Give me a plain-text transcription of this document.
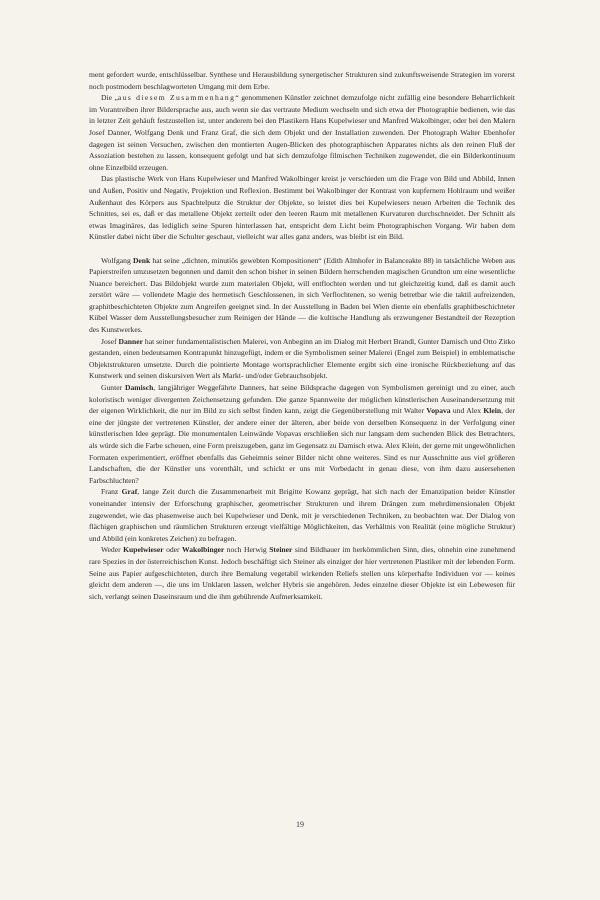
ment gefordert wurde, entschlüsselbar. Synthese und Herausbildung synergetischer Strukturen sind zukunftsweisende Strategien im vorerst noch postmodern beschlagworteten Umgang mit dem Erbe.

Die „aus diesem Zusammenhang“ genommenen Künstler zeichnet demzufolge nicht zufällig eine besondere Beharrlichkeit im Vorantreiben ihrer Bildersprache aus, auch wenn sie das vertraute Medium wechseln und sich etwa der Photographie bedienen, wie das in letzter Zeit gehäuft festzustellen ist, unter anderem bei den Plastikern Hans Kupelwieser und Manfred Wakolbinger, oder bei den Malern Josef Danner, Wolfgang Denk und Franz Graf, die sich dem Objekt und der Installation zuwenden. Der Photograph Walter Ebenhofer dagegen ist seinen Versuchen, zwischen den montierten Augen-Blicken des photographischen Apparates nichts als den reinen Fluß der Assoziation bestehen zu lassen, konsequent gefolgt und hat sich demzufolge filmischen Techniken zugewendet, die ein Bilderkontinuum ohne Einzelbild erzeugen.

Das plastische Werk von Hans Kupelwieser und Manfred Wakolbinger kreist je verschieden um die Frage von Bild und Abbild, Innen und Außen, Positiv und Negativ, Projektion und Reflexion. Bestimmt bei Wakolbinger der Kontrast von kupfernem Hohlraum und weißer Außenhaut des Körpers aus Spachtelputz die Struktur der Objekte, so leistet dies bei Kupelwiesers neuen Arbeiten die Technik des Schnittes, sei es, daß er das metallene Objekt zerteilt oder den leeren Raum mit metallenen Kurvaturen durchschneidet. Der Schnitt als etwas Imaginäres, das lediglich seine Spuren hinterlassen hat, entspricht dem Licht beim Photographischen Vorgang. Wir haben dem Künstler dabei nicht über die Schulter geschaut, vielleicht war alles ganz anders, was bleibt ist ein Bild.

Wolfgang Denk hat seine „dichten, minutiös gewebten Kompositionen“ (Edith Almhofer in Balanceakte 88) in tatsächliche Weben aus Papierstreifen umzusetzen begonnen und damit den schon bisher in seinen Bildern herrschenden magischen Grundton um eine wesentliche Nuance bereichert. Das Bildobjekt wurde zum materialen Objekt, will entflochten werden und tut gleichzeitig kund, daß es damit auch zerstört wäre — vollendete Magie des hermetisch Geschlossenen, in sich Verflochtenen, so wenig betretbar wie die taktil aufreizenden, graphitbeschichteten Objekte zum Angreifen geeignet sind. In der Ausstellung in Baden bei Wien diente ein ebenfalls graphitbeschichteter Kübel Wasser dem Ausstellungsbesucher zum Reinigen der Hände — die kultische Handlung als erzwungener Bestandteil der Rezeption des Kunstwerkes.

Josef Danner hat seiner fundamentalistischen Malerei, von Anbeginn an im Dialog mit Herbert Brandl, Gunter Damisch und Otto Zitko gestanden, einen bedeutsamen Kontrapunkt hinzugefügt, indem er die Symbolismen seiner Malerei (Engel zum Beispiel) in emblematische Objektstrukturen umsetzte. Durch die pointierte Montage wortsprachlicher Elemente ergibt sich eine ironische Rückbeziehung auf das Kunstwerk und seinen diskursiven Wert als Markt- und/oder Gebrauchsobjekt.

Gunter Damisch, langjähriger Weggefährte Danners, hat seine Bildsprache dagegen von Symbolismen gereinigt und zu einer, auch koloristisch weniger divergenten Zeichensetzung gefunden. Die ganze Spannweite der möglichen künstlerischen Auseinandersetzung mit der eigenen Wirklichkeit, die nur im Bild zu sich selbst finden kann, zeigt die Gegenüberstellung mit Walter Vopava und Alex Klein, der eine der jüngste der vertretenen Künstler, der andere einer der älteren, aber beide von derselben Konsequenz in der Verfolgung einer künstlerischen Idee geprägt. Die monumentalen Leinwände Vopavas erschließen sich nur langsam dem suchenden Blick des Betrachters, als würde sich die Farbe scheuen, eine Form preiszugeben, ganz im Gegensatz zu Damisch etwa. Alex Klein, der gerne mit ungewöhnlichen Formaten experimentiert, eröffnet ebenfalls das Geheimnis seiner Bilder nicht ohne weiteres. Sind es nur Ausschnitte aus viel größeren Landschaften, die der Künstler uns vorenthält, und schickt er uns mit Vorbedacht in genau diese, von ihm dazu ausersehenen Farbschluchten?

Franz Graf, lange Zeit durch die Zusammenarbeit mit Brigitte Kowanz geprägt, hat sich nach der Emanzipation beider Künstler voneinander intensiv der Erforschung graphischer, geometrischer Strukturen und ihrem Drängen zum mehrdimensionalen Objekt zugewendet, wie das phasenweise auch bei Kupelwieser und Denk, mit je verschiedenen Techniken, zu beobachten war. Der Dialog von flächigen graphischen und räumlichen Strukturen erzeugt vielfältige Möglichkeiten, das Verhältnis von Realität (eine mögliche Struktur) und Abbild (ein konkretes Zeichen) zu befragen.

Weder Kupelwieser oder Wakolbinger noch Herwig Steiner sind Bildhauer im herkömmlichen Sinn, dies, ohnehin eine zunehmend rare Spezies in der österreichischen Kunst. Jedoch beschäftigt sich Steiner als einziger der hier vertretenen Plastiker mit der lebenden Form. Seine aus Papier aufgeschichteten, durch ihre Bemalung vegetabil wirkenden Reliefs stellen uns körperhafte Individuen vor — keines gleicht dem anderen —, die uns im Unklaren lassen, welcher Hybris sie angehören. Jedes einzelne dieser Objekte ist ein Lebewesen für sich, verlangt seinen Daseinsraum und die ihm gebührende Aufmerksamkeit.

19
